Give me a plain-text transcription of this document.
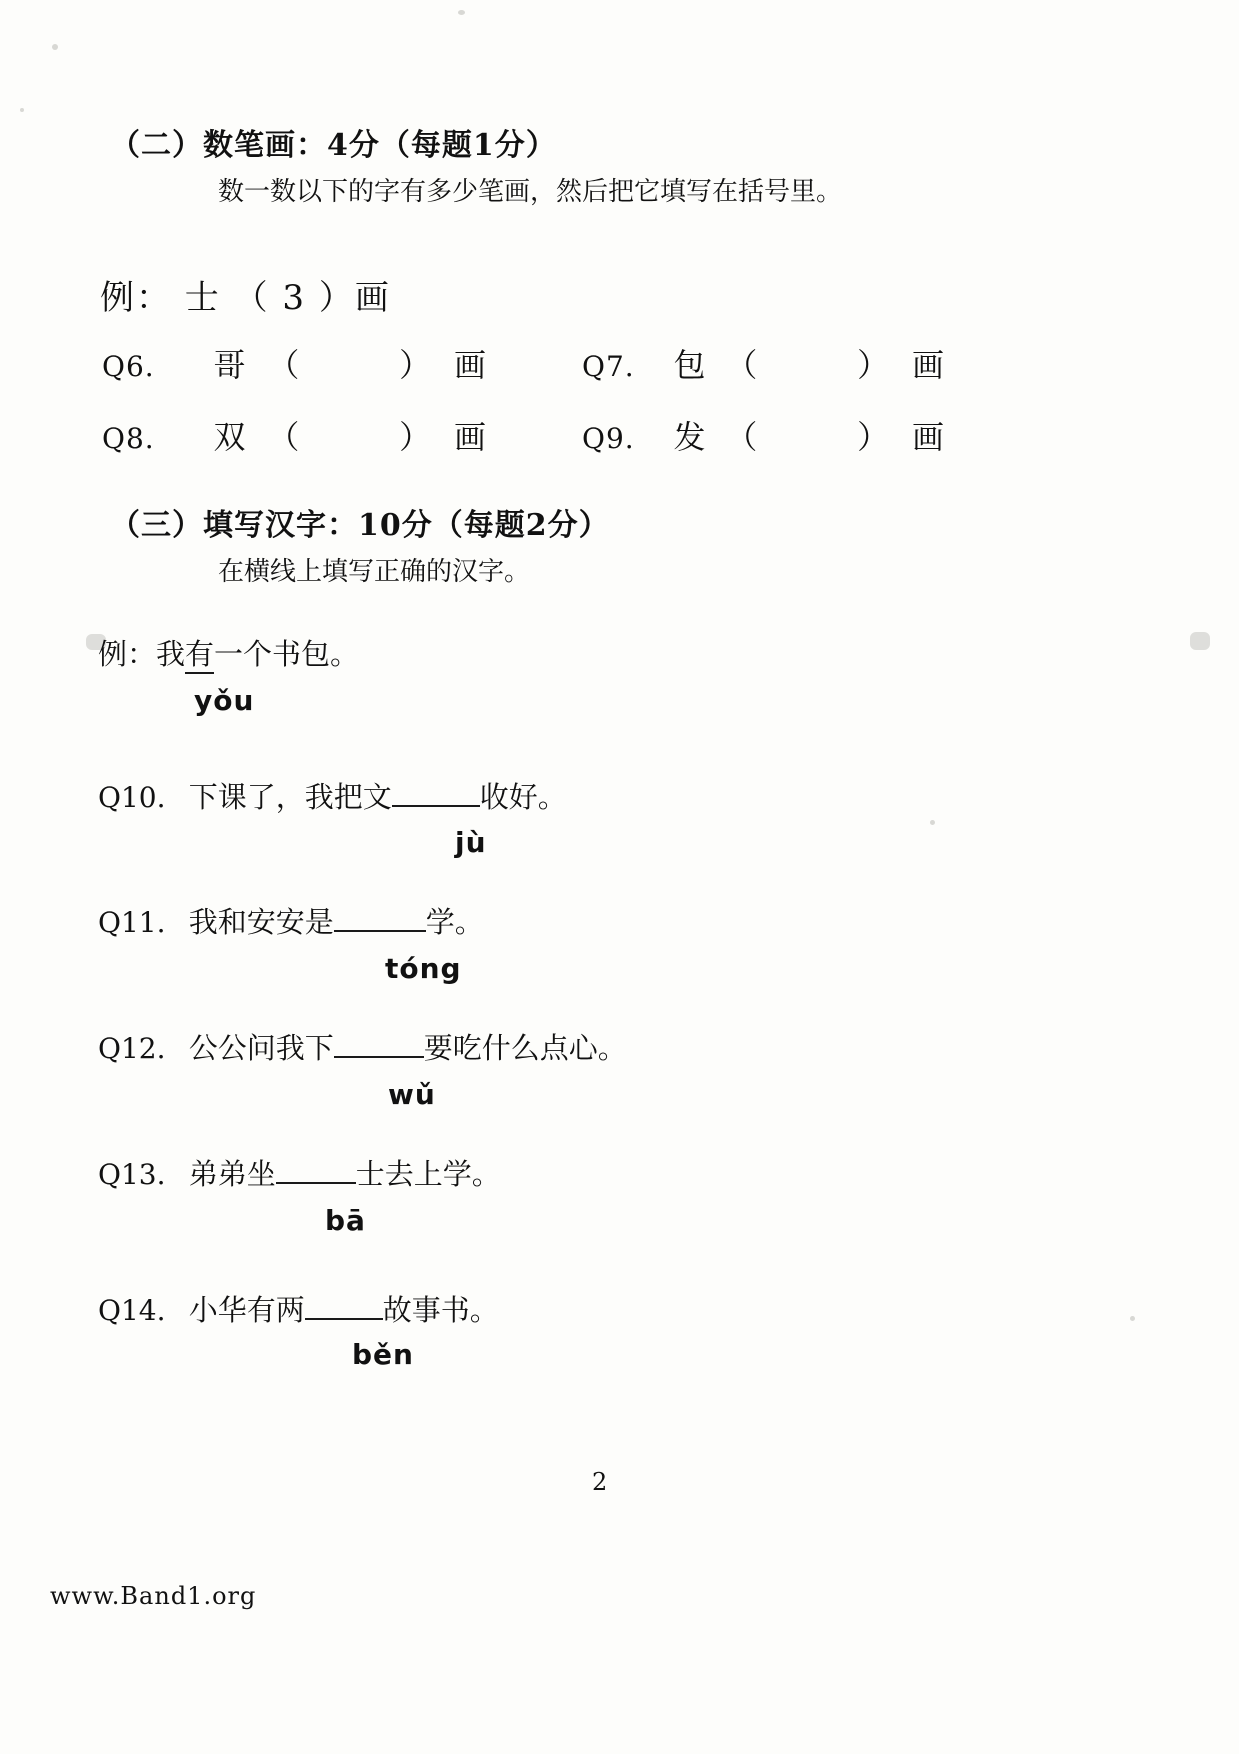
（二）数笔画：4分（每题1分）
数一数以下的字有多少笔画，然后把它填写在括号里。
例： 士 （ 3 ）画
Q6. 哥 （	） 画	Q7. 包 （	） 画
Q8. 双 （	） 画	Q9. 发 （	） 画
（三）填写汉字：10分（每题2分）
在横线上填写正确的汉字。
例：我有一个书包。
yǒu
Q10. 下课了，我把文	收好。
jù
Q11. 我和安安是	学。
tóng
Q12. 公公问我下	要吃什么点心。
wǔ
Q13. 弟弟坐	士去上学。
bā
Q14. 小华有两	故事书。
běn
2
www.Band1.org
